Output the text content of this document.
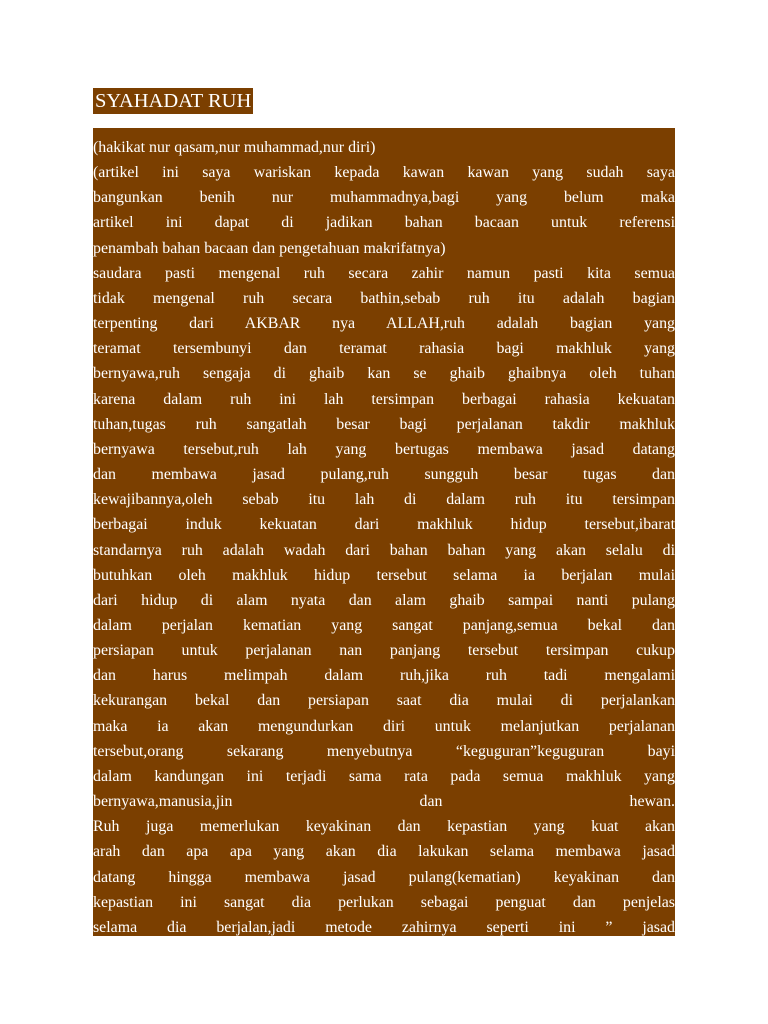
SYAHADAT RUH

(hakikat nur qasam,nur muhammad,nur diri)
(artikel ini saya wariskan kepada kawan kawan yang sudah saya
bangunkan benih nur muhammadnya,bagi yang belum maka
artikel ini dapat di jadikan bahan bacaan untuk referensi
penambah bahan bacaan dan pengetahuan makrifatnya)
saudara pasti mengenal ruh secara zahir namun pasti kita semua
tidak mengenal ruh secara bathin,sebab ruh itu adalah bagian
terpenting dari AKBAR nya ALLAH,ruh adalah bagian yang
teramat tersembunyi dan teramat rahasia bagi makhluk yang
bernyawa,ruh sengaja di ghaib kan se ghaib ghaibnya oleh tuhan
karena dalam ruh ini lah tersimpan berbagai rahasia kekuatan
tuhan,tugas ruh sangatlah besar bagi perjalanan takdir makhluk
bernyawa tersebut,ruh lah yang bertugas membawa jasad datang
dan membawa jasad pulang,ruh sungguh besar tugas dan
kewajibannya,oleh sebab itu lah di dalam ruh itu tersimpan
berbagai induk kekuatan dari makhluk hidup tersebut,ibarat
standarnya ruh adalah wadah dari bahan bahan yang akan selalu di
butuhkan oleh makhluk hidup tersebut selama ia berjalan mulai
dari hidup di alam nyata dan alam ghaib sampai nanti pulang
dalam perjalan kematian yang sangat panjang,semua bekal dan
persiapan untuk perjalanan nan panjang tersebut tersimpan cukup
dan harus melimpah dalam ruh,jika ruh tadi mengalami
kekurangan bekal dan persiapan saat dia mulai di perjalankan
maka ia akan mengundurkan diri untuk melanjutkan perjalanan
tersebut,orang sekarang menyebutnya “keguguran”keguguran bayi
dalam kandungan ini terjadi sama rata pada semua makhluk yang
bernyawa,manusia,jin dan hewan.
Ruh juga memerlukan keyakinan dan kepastian yang kuat akan
arah dan apa apa yang akan dia lakukan selama membawa jasad
datang hingga membawa jasad pulang(kematian) keyakinan dan
kepastian ini sangat dia perlukan sebagai penguat dan penjelas
selama dia berjalan,jadi metode zahirnya seperti ini ” jasad
